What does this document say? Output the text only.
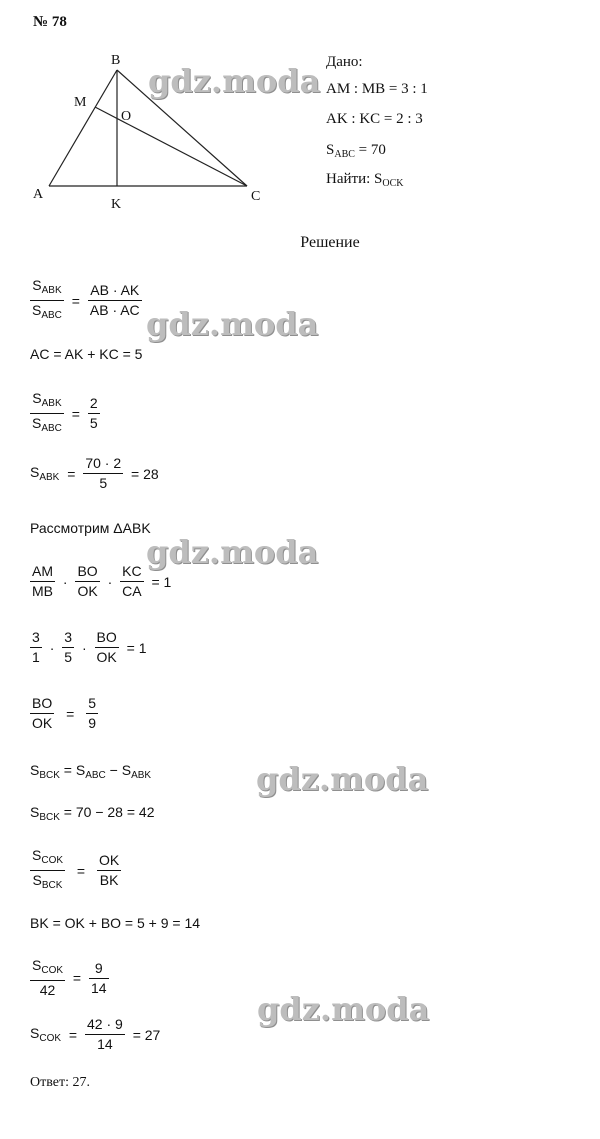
№ 78
B
M
O
A
K
C
Дано:
AM : MB = 3 : 1
AK : KC = 2 : 3
$S_{ABC} = 70$
Найти: $S_{OCK}$
Решение
$\frac{S_{ABK}}{S_{ABC}} = \frac{AB \cdot AK}{AB \cdot AC}$
AC = AK + KC = 5
$\frac{S_{ABK}}{S_{ABC}} = \frac{2}{5}$
$S_{ABK} = \frac{70 \cdot 2}{5} = 28$
Рассмотрим ΔABK
$\frac{AM}{MB} \cdot \frac{BO}{OK} \cdot \frac{KC}{CA} = 1$
$\frac{3}{1} \cdot \frac{3}{5} \cdot \frac{BO}{OK} = 1$
$\frac{BO}{OK} = \frac{5}{9}$
$S_{BCK} = S_{ABC} - S_{ABK}$
$S_{BCK} = 70 - 28 = 42$
$\frac{S_{COK}}{S_{BCK}} = \frac{OK}{BK}$
BK = OK + BO = 5 + 9 = 14
$\frac{S_{COK}}{42} = \frac{9}{14}$
$S_{COK} = \frac{42 \cdot 9}{14} = 27$
Ответ: 27.
gdz.moda
gdz.moda
gdz.moda
gdz.moda
gdz.moda
